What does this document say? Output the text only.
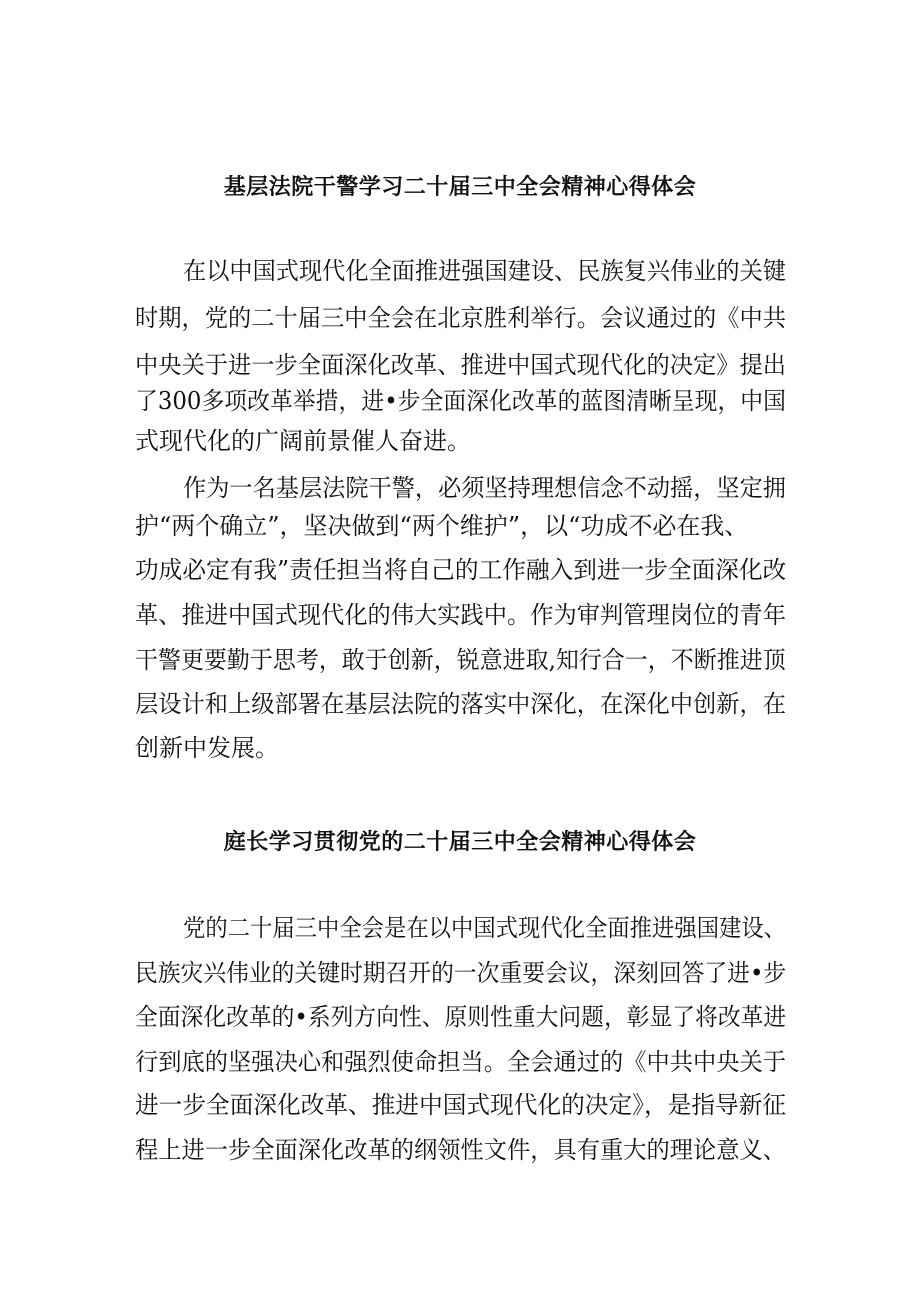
基层法院干警学习二十届三中全会精神心得体会

在以中国式现代化全面推进强国建设、民族复兴伟业的关键

时期，党的二十届三中全会在北京胜利举行。会议通过的《中共

中央关于进一步全面深化改革、推进中国式现代化的决定》提出

了300多项改革举措，进•步全面深化改革的蓝图清晰呈现，中国

式现代化的广阔前景催人奋进。

作为一名基层法院干警，必须坚持理想信念不动摇，坚定拥

护“两个确立”，坚决做到“两个维护”，以“功成不必在我、

功成必定有我”责任担当将自己的工作融入到进一步全面深化改

革、推进中国式现代化的伟大实践中。作为审判管理岗位的青年

干警更要勤于思考，敢于创新，锐意进取,知行合一，不断推进顶

层设计和上级部署在基层法院的落实中深化，在深化中创新，在

创新中发展。

庭长学习贯彻党的二十届三中全会精神心得体会

党的二十届三中全会是在以中国式现代化全面推进强国建设、

民族灾兴伟业的关键时期召开的一次重要会议，深刻回答了进•步

全面深化改革的•系列方向性、原则性重大问题，彰显了将改革进

行到底的坚强决心和强烈使命担当。全会通过的《中共中央关于

进一步全面深化改革、推进中国式现代化的决定》，是指导新征

程上进一步全面深化改革的纲领性文件，具有重大的理论意义、
